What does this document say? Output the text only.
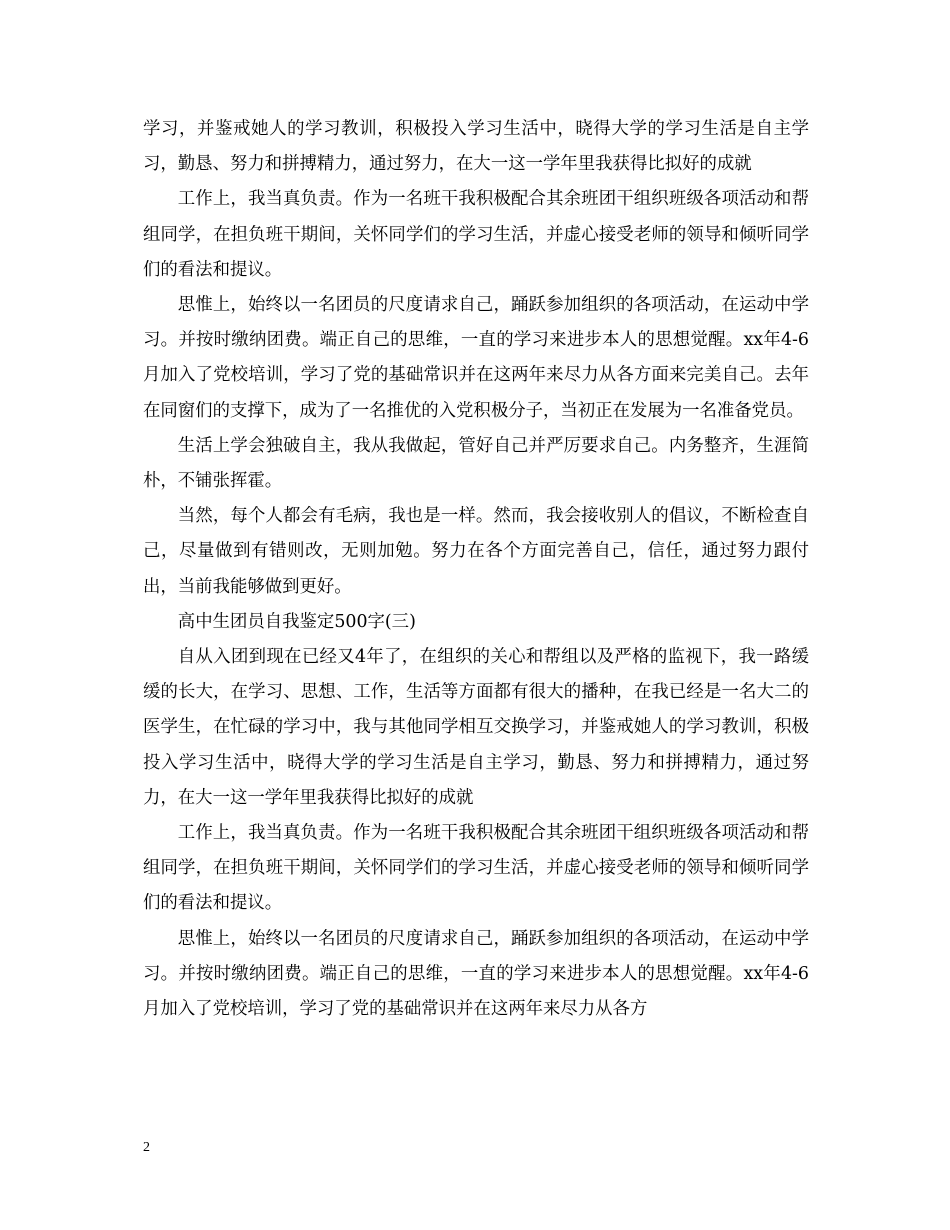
学习，并鉴戒她人的学习教训，积极投入学习生活中，晓得大学的学习生活是自主学习，勤恳、努力和拼搏精力，通过努力，在大一这一学年里我获得比拟好的成就

工作上，我当真负责。作为一名班干我积极配合其余班团干组织班级各项活动和帮组同学，在担负班干期间，关怀同学们的学习生活，并虚心接受老师的领导和倾听同学们的看法和提议。

思惟上，始终以一名团员的尺度请求自己，踊跃参加组织的各项活动，在运动中学习。并按时缴纳团费。端正自己的思维，一直的学习来进步本人的思想觉醒。xx年4-6月加入了党校培训，学习了党的基础常识并在这两年来尽力从各方面来完美自己。去年在同窗们的支撑下，成为了一名推优的入党积极分子，当初正在发展为一名准备党员。

生活上学会独破自主，我从我做起，管好自己并严厉要求自己。内务整齐，生涯简朴，不铺张挥霍。

当然，每个人都会有毛病，我也是一样。然而，我会接收别人的倡议，不断检查自己，尽量做到有错则改，无则加勉。努力在各个方面完善自己，信任，通过努力跟付出，当前我能够做到更好。

高中生团员自我鉴定500字(三)

自从入团到现在已经又4年了，在组织的关心和帮组以及严格的监视下，我一路缓缓的长大，在学习、思想、工作，生活等方面都有很大的播种，在我已经是一名大二的医学生，在忙碌的学习中，我与其他同学相互交换学习，并鉴戒她人的学习教训，积极投入学习生活中，晓得大学的学习生活是自主学习，勤恳、努力和拼搏精力，通过努力，在大一这一学年里我获得比拟好的成就

工作上，我当真负责。作为一名班干我积极配合其余班团干组织班级各项活动和帮组同学，在担负班干期间，关怀同学们的学习生活，并虚心接受老师的领导和倾听同学们的看法和提议。

思惟上，始终以一名团员的尺度请求自己，踊跃参加组织的各项活动，在运动中学习。并按时缴纳团费。端正自己的思维，一直的学习来进步本人的思想觉醒。xx年4-6月加入了党校培训，学习了党的基础常识并在这两年来尽力从各方

2
